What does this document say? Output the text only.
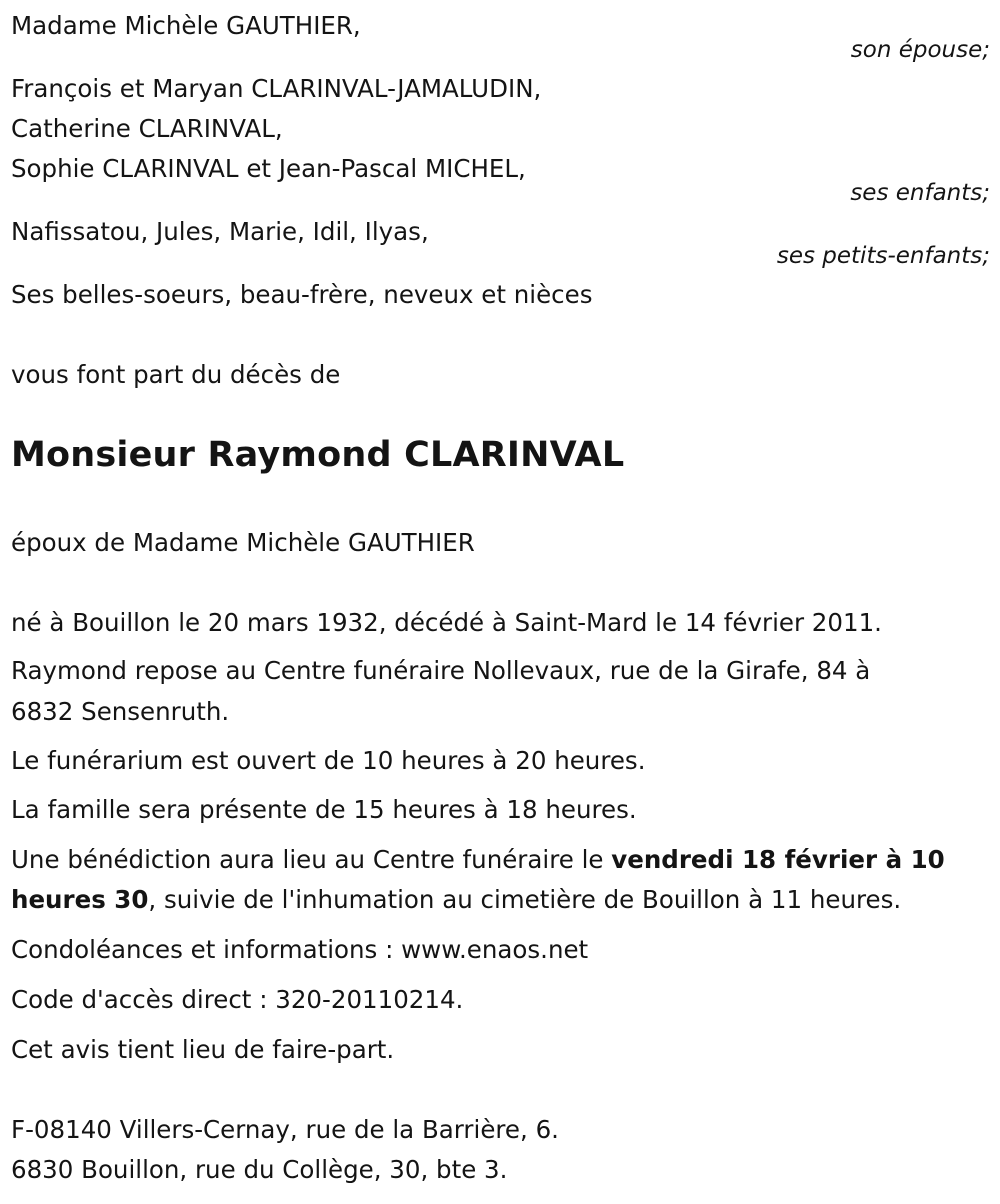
Madame Michèle GAUTHIER,
son épouse;
François et Maryan CLARINVAL-JAMALUDIN,
Catherine CLARINVAL,
Sophie CLARINVAL et Jean-Pascal MICHEL,
ses enfants;
Nafissatou, Jules, Marie, Idil, Ilyas,
ses petits-enfants;
Ses belles-soeurs, beau-frère, neveux et nièces
vous font part du décès de
Monsieur Raymond CLARINVAL
époux de Madame Michèle GAUTHIER
né à Bouillon le 20 mars 1932, décédé à Saint-Mard le 14 février 2011.
Raymond repose au Centre funéraire Nollevaux, rue de la Girafe, 84 à
6832 Sensenruth.
Le funérarium est ouvert de 10 heures à 20 heures.
La famille sera présente de 15 heures à 18 heures.
Une bénédiction aura lieu au Centre funéraire le vendredi 18 février à 10
heures 30, suivie de l'inhumation au cimetière de Bouillon à 11 heures.
Condoléances et informations : www.enaos.net
Code d'accès direct : 320-20110214.
Cet avis tient lieu de faire-part.
F-08140 Villers-Cernay, rue de la Barrière, 6.
6830 Bouillon, rue du Collège, 30, bte 3.
